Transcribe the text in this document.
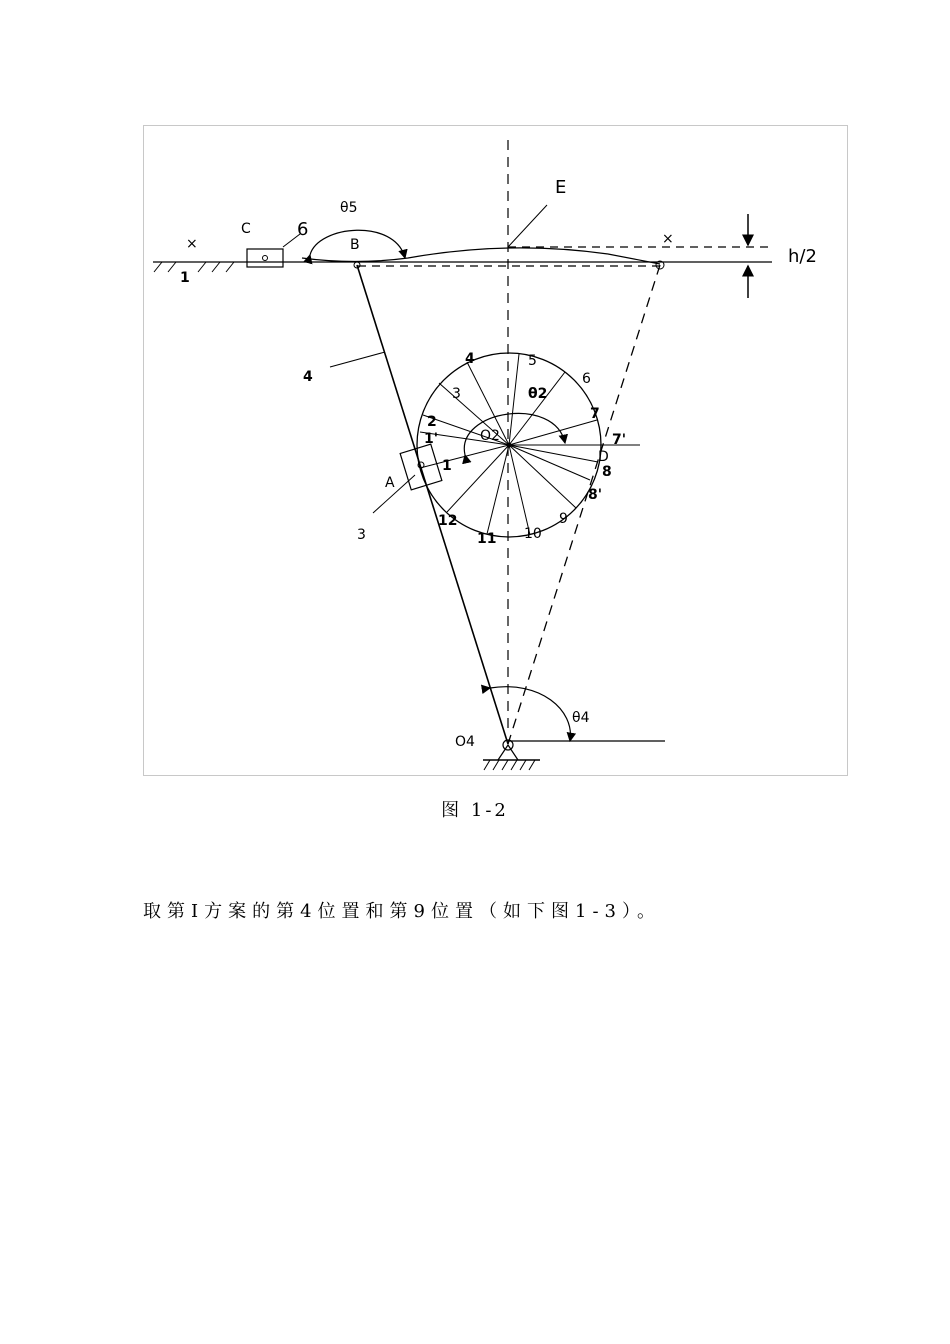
×
C	6
θ5
B
E
×
1
h/2
4
A
3
θ2
O2
D
θ4
O4
1
1'
2
3
4	5
6
7
7'
8
8'
9
10
11
12
图 1-2
取第I方案的第4位置和第9位置（如下图1-3）。
